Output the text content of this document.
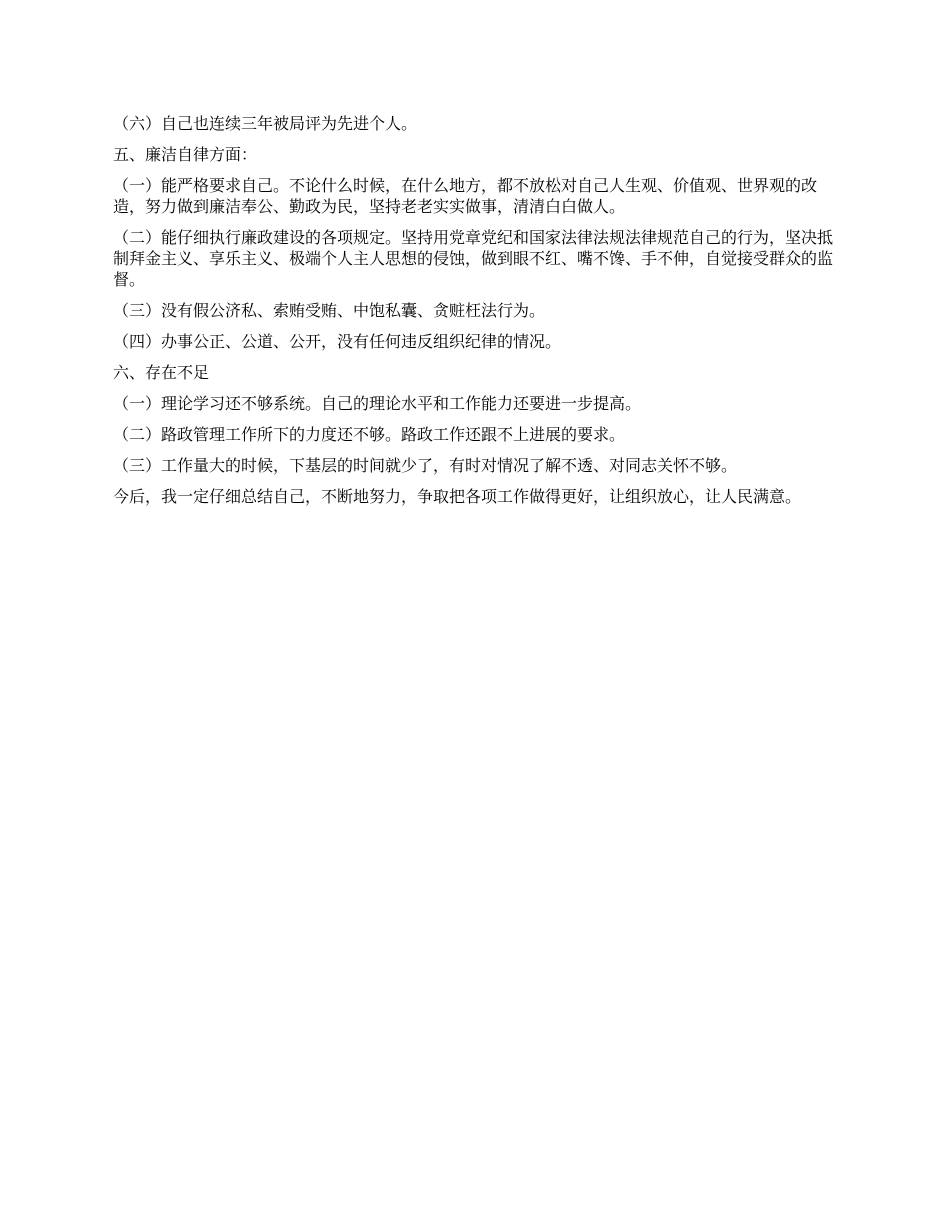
（六）自己也连续三年被局评为先进个人。

五、廉洁自律方面：

（一）能严格要求自己。不论什么时候，在什么地方，都不放松对自己人生观、价值观、世界观的改造，努力做到廉洁奉公、勤政为民，坚持老老实实做事，清清白白做人。

（二）能仔细执行廉政建设的各项规定。坚持用党章党纪和国家法律法规法律规范自己的行为，坚决抵制拜金主义、享乐主义、极端个人主人思想的侵蚀，做到眼不红、嘴不馋、手不伸，自觉接受群众的监督。

（三）没有假公济私、索贿受贿、中饱私囊、贪赃枉法行为。

（四）办事公正、公道、公开，没有任何违反组织纪律的情况。

六、存在不足

（一）理论学习还不够系统。自己的理论水平和工作能力还要进一步提高。

（二）路政管理工作所下的力度还不够。路政工作还跟不上进展的要求。

（三）工作量大的时候，下基层的时间就少了，有时对情况了解不透、对同志关怀不够。

今后，我一定仔细总结自己，不断地努力，争取把各项工作做得更好，让组织放心，让人民满意。
